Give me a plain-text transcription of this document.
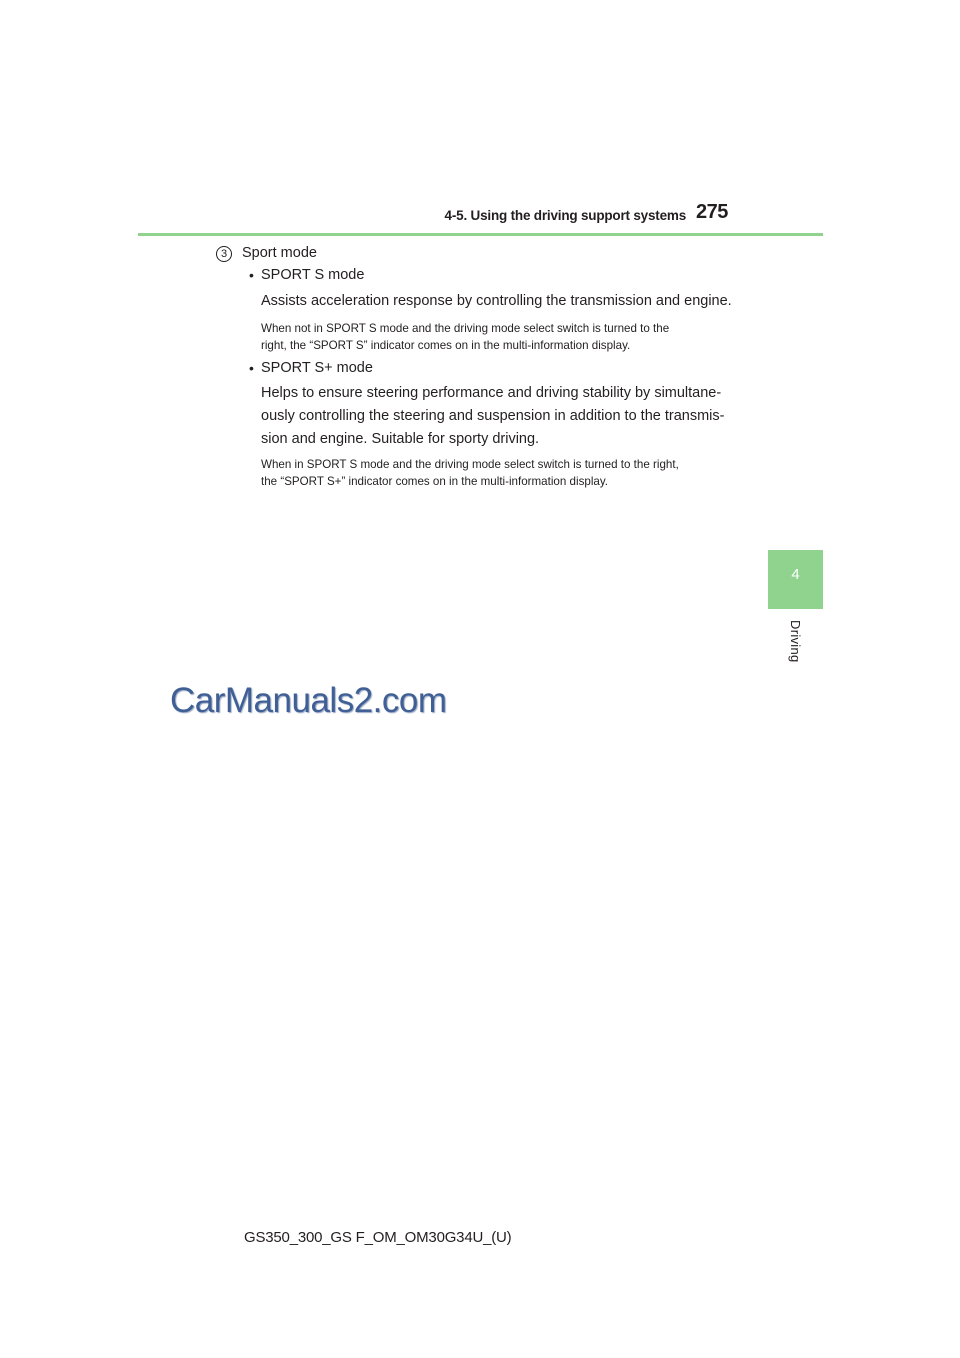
4-5. Using the driving support systems 275
4
Driving
3	Sport mode
• SPORT S mode
Assists acceleration response by controlling the transmission and engine.
When not in SPORT S mode and the driving mode select switch is turned to the
right, the “SPORT S” indicator comes on in the multi-information display.
• SPORT S+ mode
Helps to ensure steering performance and driving stability by simultane-
ously controlling the steering and suspension in addition to the transmis-
sion and engine. Suitable for sporty driving.
When in SPORT S mode and the driving mode select switch is turned to the right,
the “SPORT S+” indicator comes on in the multi-information display.
CarManuals2.com
GS350_300_GS F_OM_OM30G34U_(U)
